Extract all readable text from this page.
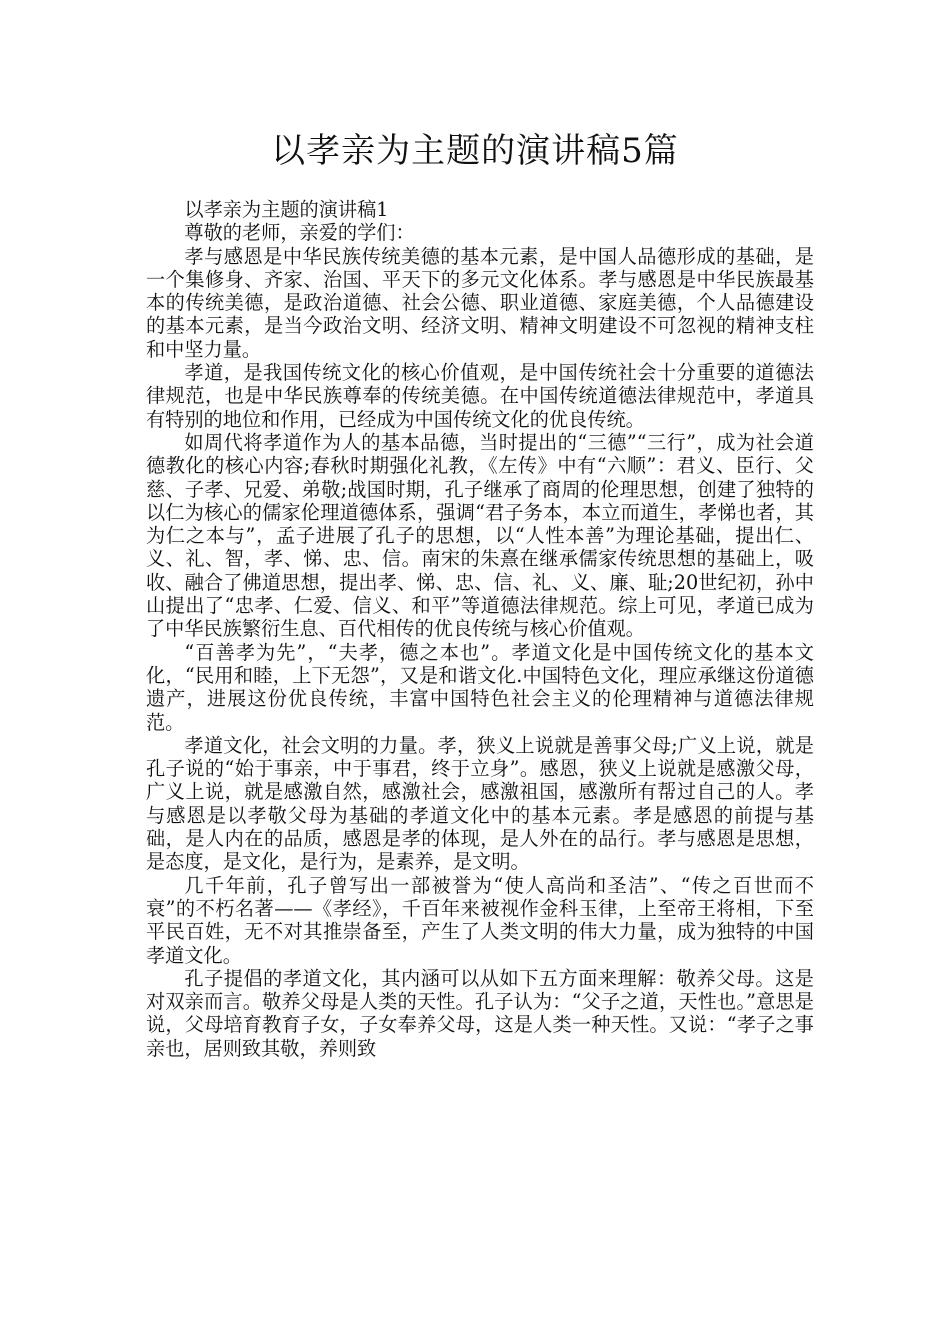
以孝亲为主题的演讲稿5篇

以孝亲为主题的演讲稿1

尊敬的老师，亲爱的学们：

孝与感恩是中华民族传统美德的基本元素，是中国人品德形成的基础，是一个集修身、齐家、治国、平天下的多元文化体系。孝与感恩是中华民族最基本的传统美德，是政治道德、社会公德、职业道德、家庭美德，个人品德建设的基本元素，是当今政治文明、经济文明、精神文明建设不可忽视的精神支柱和中坚力量。

孝道，是我国传统文化的核心价值观，是中国传统社会十分重要的道德法律规范，也是中华民族尊奉的传统美德。在中国传统道德法律规范中，孝道具有特别的地位和作用，已经成为中国传统文化的优良传统。

如周代将孝道作为人的基本品德，当时提出的“三德”“三行”，成为社会道德教化的核心内容;春秋时期强化礼教，《左传》中有“六顺”：君义、臣行、父慈、子孝、兄爱、弟敬;战国时期，孔子继承了商周的伦理思想，创建了独特的以仁为核心的儒家伦理道德体系，强调“君子务本，本立而道生，孝悌也者，其为仁之本与”，孟子进展了孔子的思想，以“人性本善”为理论基础，提出仁、义、礼、智，孝、悌、忠、信。南宋的朱熹在继承儒家传统思想的基础上，吸收、融合了佛道思想，提出孝、悌、忠、信、礼、义、廉、耻;20世纪初，孙中山提出了“忠孝、仁爱、信义、和平”等道德法律规范。综上可见，孝道已成为了中华民族繁衍生息、百代相传的优良传统与核心价值观。

“百善孝为先”，“夫孝，德之本也”。孝道文化是中国传统文化的基本文化，“民用和睦，上下无怨”，又是和谐文化.中国特色文化，理应承继这份道德遗产，进展这份优良传统，丰富中国特色社会主义的伦理精神与道德法律规范。

孝道文化，社会文明的力量。孝，狭义上说就是善事父母;广义上说，就是孔子说的“始于事亲，中于事君，终于立身”。感恩，狭义上说就是感激父母，广义上说，就是感激自然，感激社会，感激祖国，感激所有帮过自己的人。孝与感恩是以孝敬父母为基础的孝道文化中的基本元素。孝是感恩的前提与基础，是人内在的品质，感恩是孝的体现，是人外在的品行。孝与感恩是思想，是态度，是文化，是行为，是素养，是文明。

几千年前，孔子曾写出一部被誉为“使人高尚和圣洁”、“传之百世而不衰”的不朽名著——《孝经》，千百年来被视作金科玉律，上至帝王将相，下至平民百姓，无不对其推崇备至，产生了人类文明的伟大力量，成为独特的中国孝道文化。

孔子提倡的孝道文化，其内涵可以从如下五方面来理解：敬养父母。这是对双亲而言。敬养父母是人类的天性。孔子认为：“父子之道，天性也。”意思是说，父母培育教育子女，子女奉养父母，这是人类一种天性。又说：“孝子之事亲也，居则致其敬，养则致
